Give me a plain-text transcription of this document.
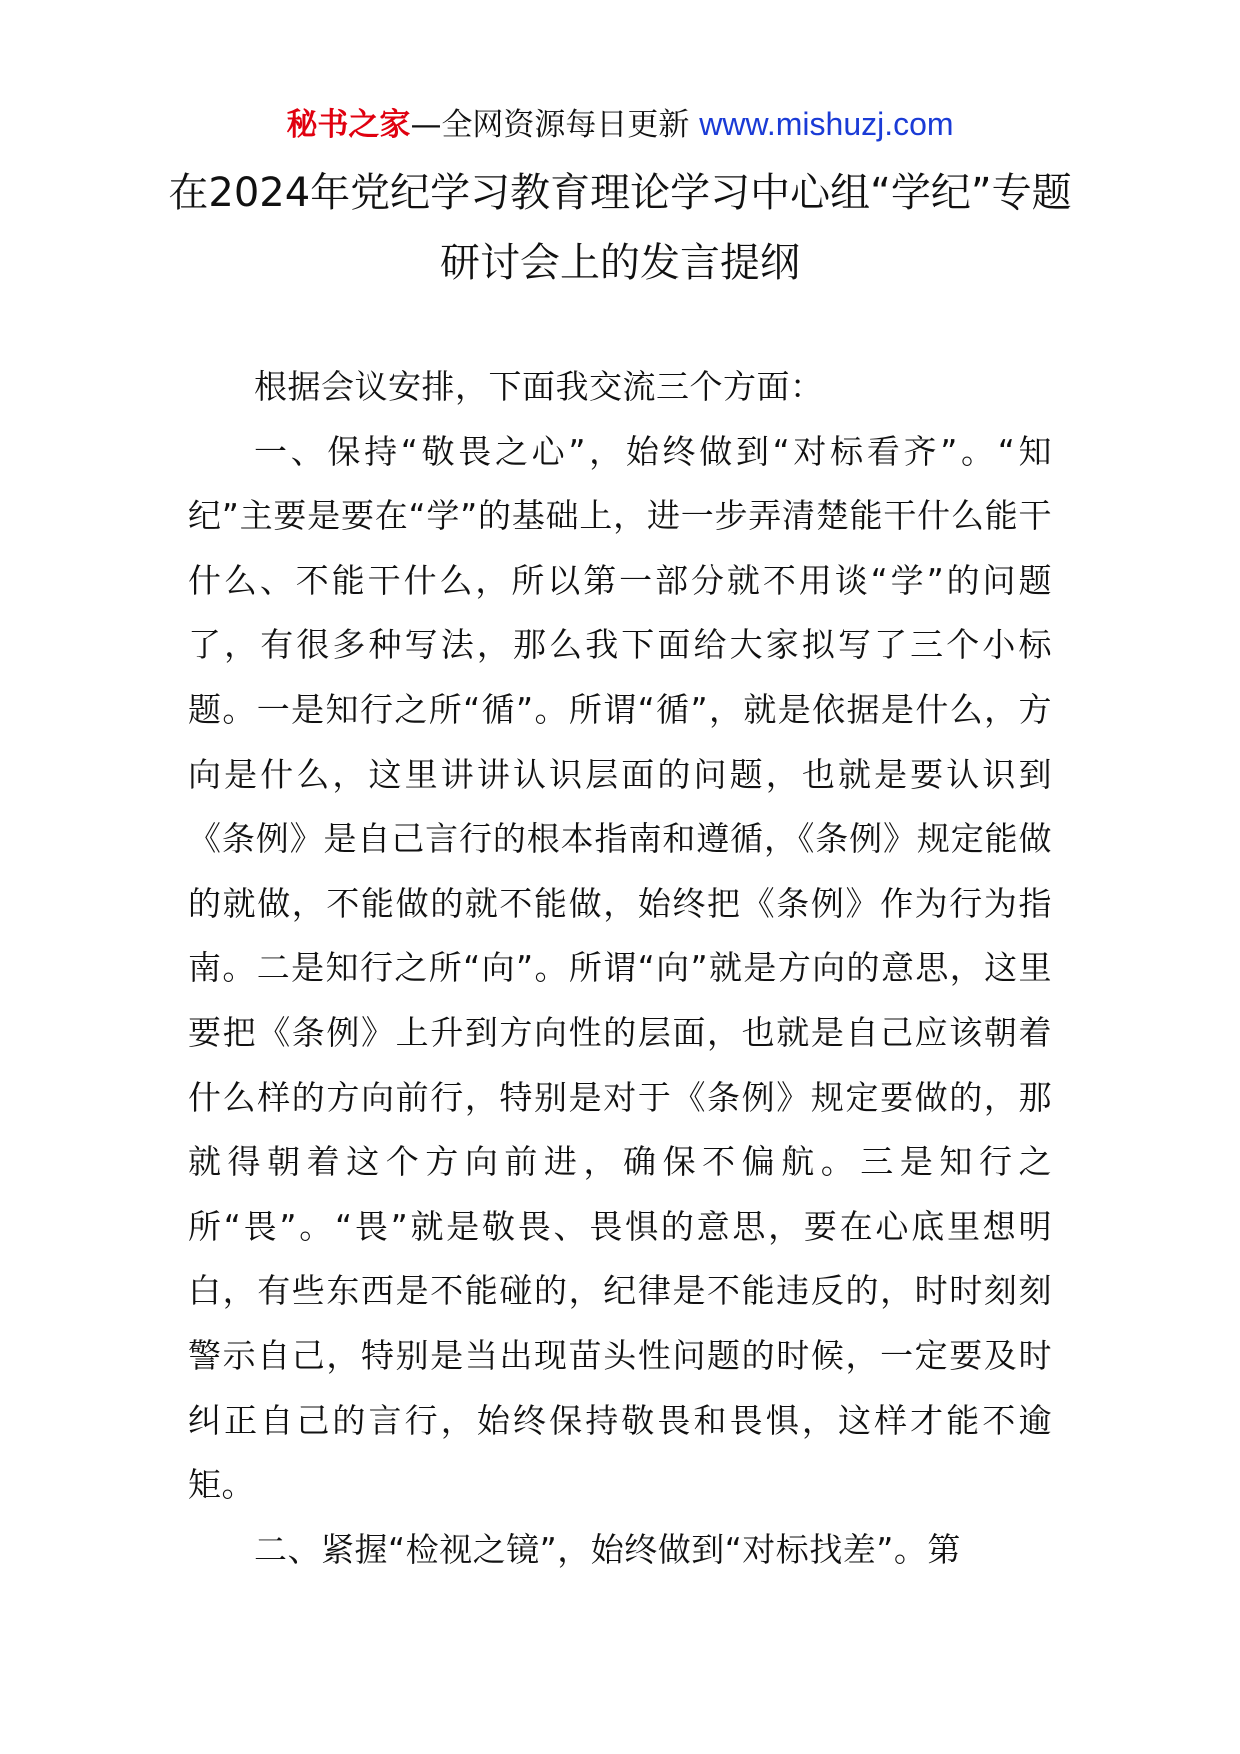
秘书之家—全网资源每日更新 www.mishuzj.com
在2024年党纪学习教育理论学习中心组“学纪”专题研讨会上的发言提纲

根据会议安排，下面我交流三个方面：

一、保持“敬畏之心”，始终做到“对标看齐”。“知纪”主要是要在“学”的基础上，进一步弄清楚能干什么能干什么、不能干什么，所以第一部分就不用谈“学”的问题了，有很多种写法，那么我下面给大家拟写了三个小标题。一是知行之所“循”。所谓“循”，就是依据是什么，方向是什么，这里讲讲认识层面的问题，也就是要认识到《条例》是自己言行的根本指南和遵循，《条例》规定能做的就做，不能做的就不能做，始终把《条例》作为行为指南。二是知行之所“向”。所谓“向”就是方向的意思，这里要把《条例》上升到方向性的层面，也就是自己应该朝着什么样的方向前行，特别是对于《条例》规定要做的，那就得朝着这个方向前进，确保不偏航。三是知行之所“畏”。“畏”就是敬畏、畏惧的意思，要在心底里想明白，有些东西是不能碰的，纪律是不能违反的，时时刻刻警示自己，特别是当出现苗头性问题的时候，一定要及时纠正自己的言行，始终保持敬畏和畏惧，这样才能不逾矩。

二、紧握“检视之镜”，始终做到“对标找差”。第
